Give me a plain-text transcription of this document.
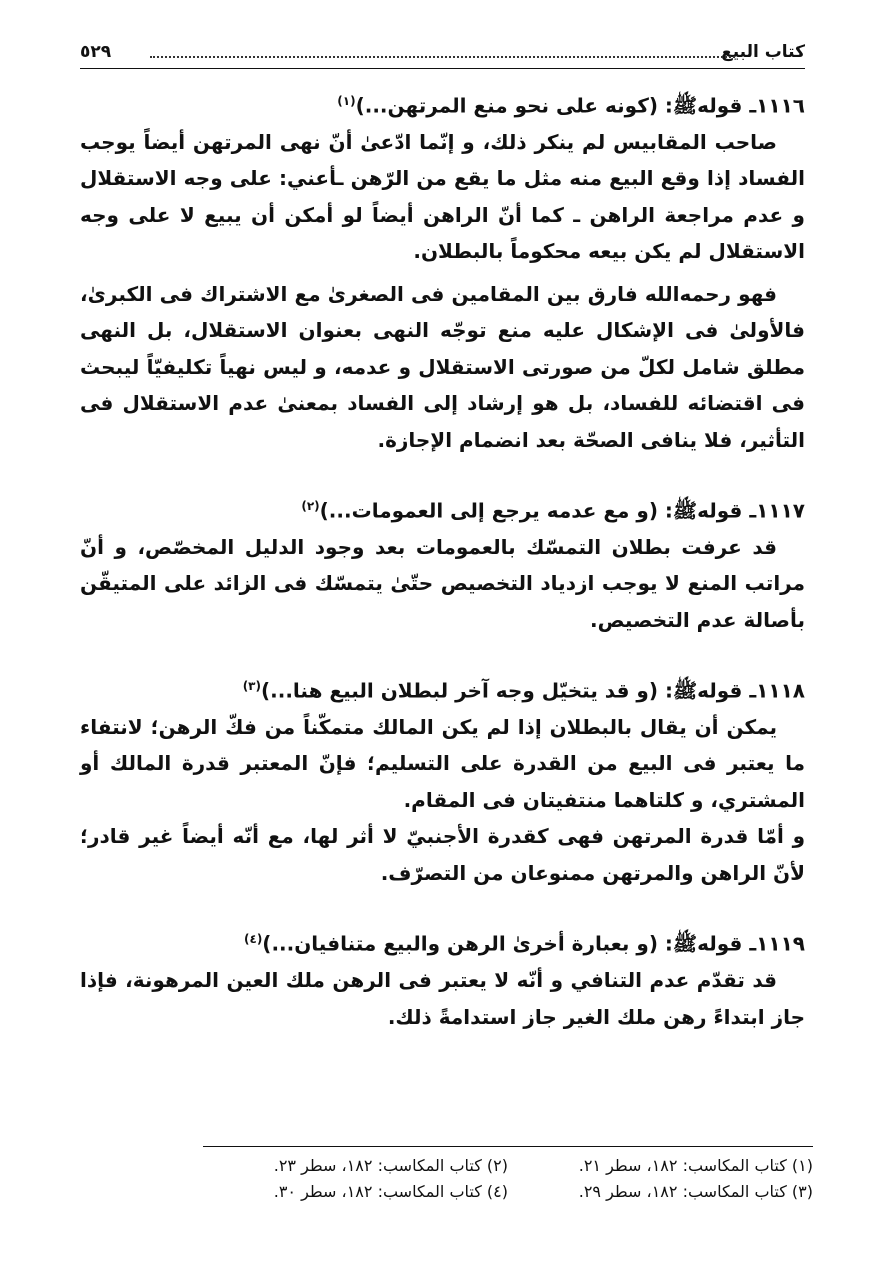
كتاب البيع
٥٢٩
١١١٦ـ قوله‌ﷺ: (كونه على نحو منع المرتهن...)$^{(١)}$

صاحب المقابيس لم ينكر ذلك، و إنّما ادّعىٰ أنّ نهى المرتهن أيضاً يوجب الفساد إذا وقع البيع منه مثل ما يقع من الرّهن ـأعني: على وجه الاستقلال و عدم مراجعة الراهن ـ كما أنّ الراهن أيضاً لو أمكن أن يبيع لا على وجه الاستقلال لم يكن بيعه محكوماً بالبطلان.

فهو رحمه‌الله فارق بين المقامين فى الصغرىٰ مع الاشتراك فى الكبرىٰ، فالأولىٰ فى الإشكال عليه منع توجّه النهى بعنوان الاستقلال، بل النهى مطلق شامل لكلّ من صورتى الاستقلال و عدمه، و ليس نهياً تكليفيّاً ليبحث فى اقتضائه للفساد، بل هو إرشاد إلى الفساد بمعنىٰ عدم الاستقلال فى التأثير، فلا ينافى الصحّة بعد انضمام الإجازة.

١١١٧ـ قوله‌ﷺ: (و مع عدمه يرجع إلى العمومات...)$^{(٢)}$

قد عرفت بطلان التمسّك بالعمومات بعد وجود الدليل المخصّص، و أنّ مراتب المنع لا يوجب ازدياد التخصيص حتّىٰ يتمسّك فى الزائد على المتيقّن بأصالة عدم التخصيص.

١١١٨ـ قوله‌ﷺ: (و قد يتخيّل وجه آخر لبطلان البيع هنا...)$^{(٣)}$

يمكن أن يقال بالبطلان إذا لم يكن المالك متمكّناً من فكّ الرهن؛ لانتفاء ما يعتبر فى البيع من القدرة على التسليم؛ فإنّ المعتبر قدرة المالك أو المشتري، و كلتاهما منتفيتان فى المقام.

و أمّا قدرة المرتهن فهى كقدرة الأجنبيّ لا أثر لها، مع أنّه أيضاً غير قادر؛ لأنّ الراهن والمرتهن ممنوعان من التصرّف.

١١١٩ـ قوله‌ﷺ: (و بعبارة أخرىٰ الرهن والبيع متنافيان...)$^{(٤)}$

قد تقدّم عدم التنافي و أنّه لا يعتبر فى الرهن ملك العين المرهونة، فإذا جاز ابتداءً رهن ملك الغير جاز استدامةً ذلك.

(١) كتاب المكاسب: ١٨٢، سطر ٢١.
(٢) كتاب المكاسب: ١٨٢، سطر ٢٣.
(٣) كتاب المكاسب: ١٨٢، سطر ٢٩.
(٤) كتاب المكاسب: ١٨٢، سطر ٣٠.
